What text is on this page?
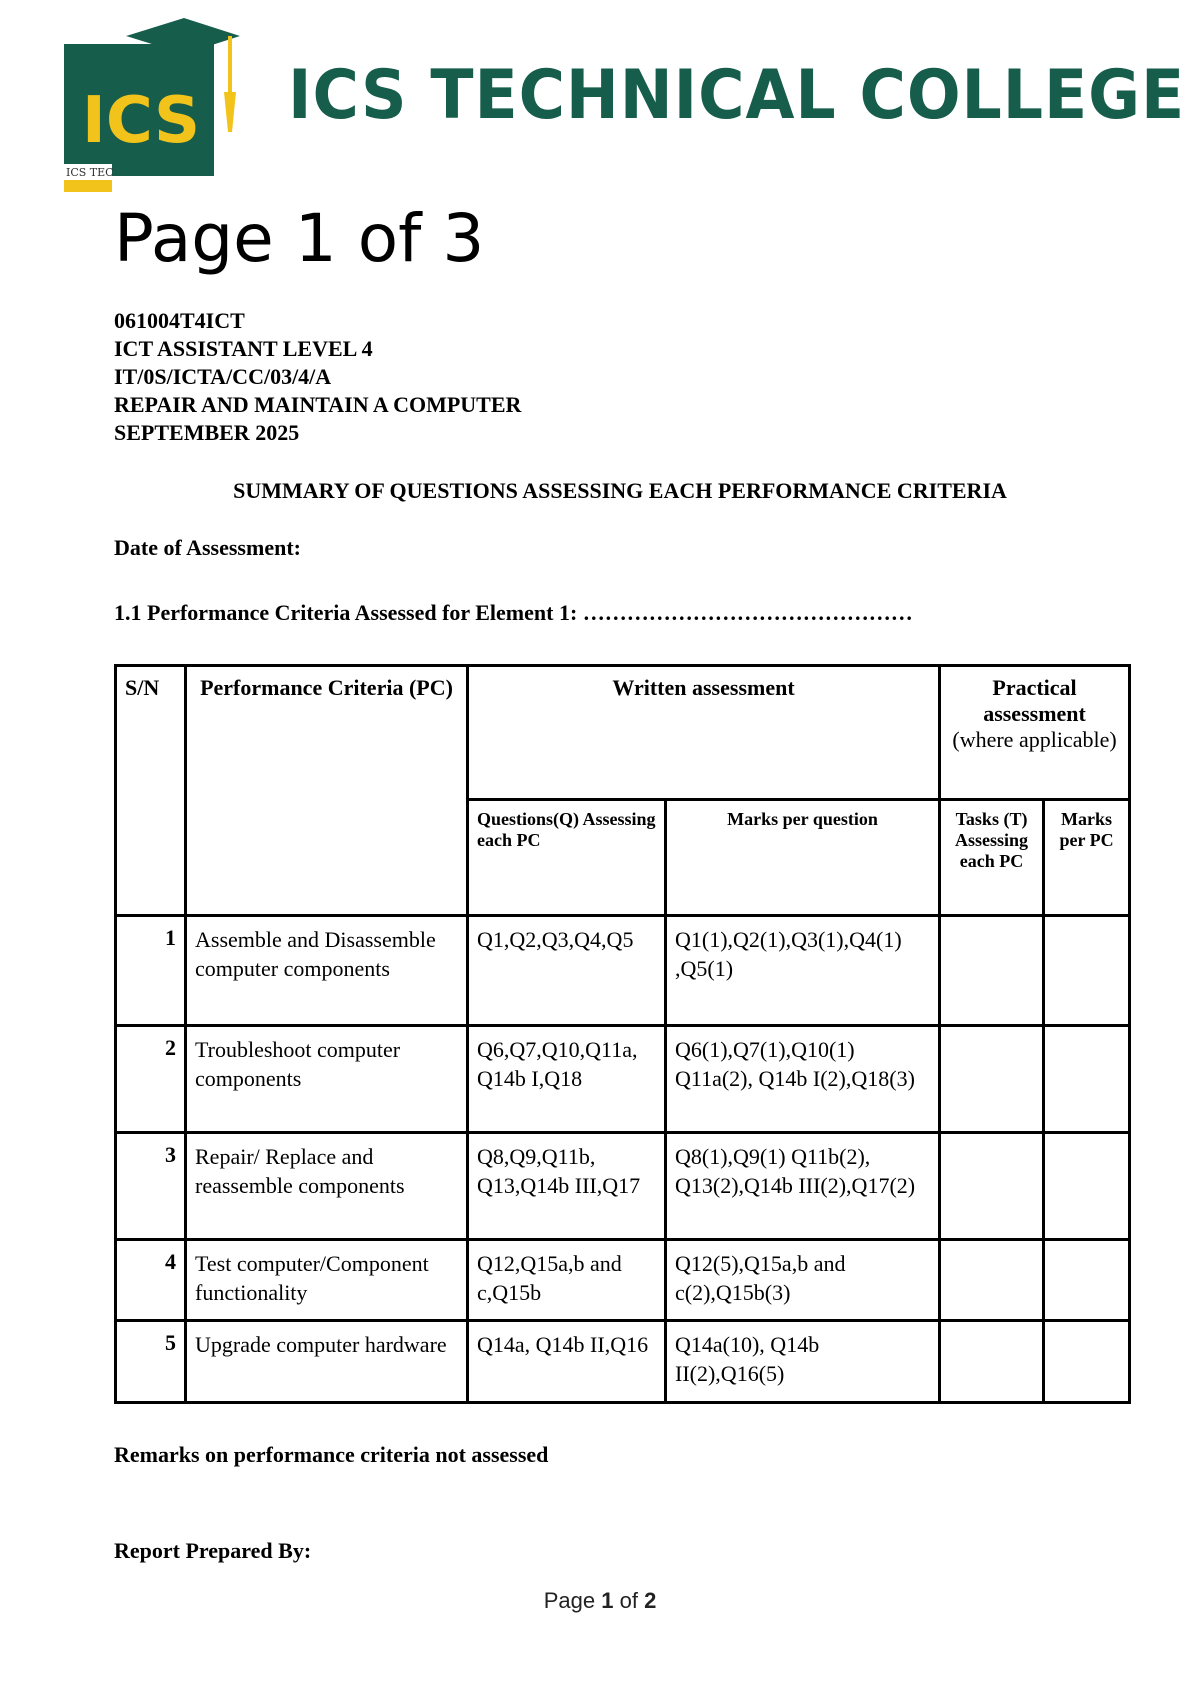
ICS
ICS TEC
ICS TECHNICAL COLLEGE
Page 1 of 3
061004T4ICT
ICT ASSISTANT LEVEL 4
IT/0S/ICTA/CC/03/4/A
REPAIR AND MAINTAIN A COMPUTER
SEPTEMBER 2025
SUMMARY OF QUESTIONS ASSESSING EACH PERFORMANCE CRITERIA
Date of Assessment:
1.1 Performance Criteria Assessed for Element 1: ………………………………………
S/N	Performance Criteria (PC)	Written assessment		Practical assessment
(where applicable)	

		Questions(Q) Assessing each PC	Marks per question	Tasks (T) Assessing each PC	Marks per PC
1	Assemble and Disassemble computer components	Q1,Q2,Q3,Q4,Q5	Q1(1),Q2(1),Q3(1),Q4(1) ,Q5(1)		
2	Troubleshoot computer components	Q6,Q7,Q10,Q11a, Q14b I,Q18	Q6(1),Q7(1),Q10(1) Q11a(2), Q14b I(2),Q18(3)		
3	Repair/ Replace and reassemble components	Q8,Q9,Q11b, Q13,Q14b III,Q17	Q8(1),Q9(1) Q11b(2), Q13(2),Q14b III(2),Q17(2)		
4	Test computer/Component functionality	Q12,Q15a,b and c,Q15b	Q12(5),Q15a,b and c(2),Q15b(3)		
5	Upgrade computer hardware	Q14a, Q14b II,Q16	Q14a(10), Q14b II(2),Q16(5)		
Remarks on performance criteria not assessed
Report Prepared By:
Page 1 of 2
